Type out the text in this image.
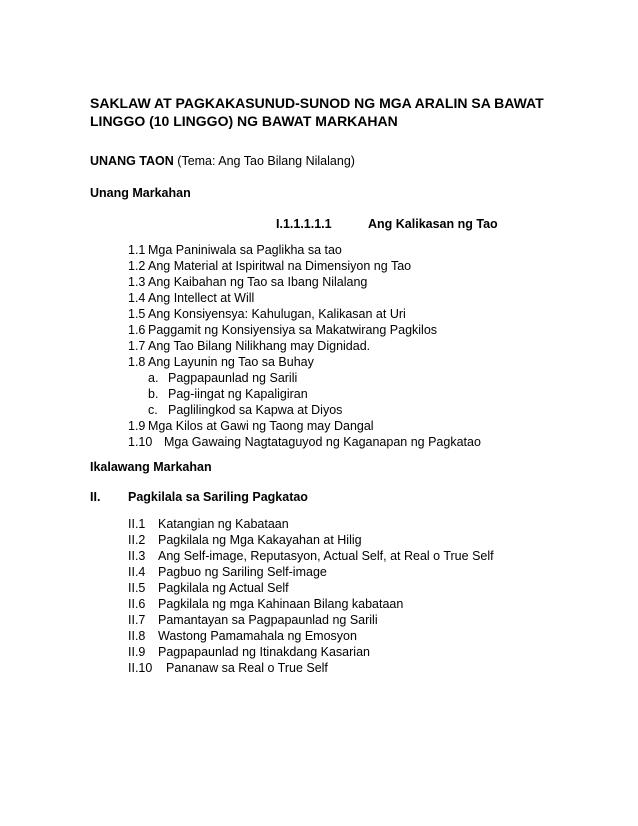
SAKLAW AT PAGKAKASUNUD-SUNOD NG MGA ARALIN SA BAWAT
LINGGO (10 LINGGO) NG BAWAT MARKAHAN
UNANG TAON (Tema: Ang Tao Bilang Nilalang)
Unang Markahan
I.1.1.1.1.1	Ang Kalikasan ng Tao
1.1 Mga Paniniwala sa Paglikha sa tao
1.2 Ang Material at Ispiritwal na Dimensiyon ng Tao
1.3 Ang Kaibahan ng Tao sa Ibang Nilalang
1.4 Ang Intellect at Will
1.5 Ang Konsiyensya: Kahulugan, Kalikasan at Uri
1.6 Paggamit ng Konsiyensiya sa Makatwirang Pagkilos
1.7 Ang Tao Bilang Nilikhang may Dignidad.
1.8 Ang Layunin ng Tao sa Buhay
a. Pagpapaunlad ng Sarili
b. Pag-iingat ng Kapaligiran
c. Paglilingkod sa Kapwa at Diyos
1.9 Mga Kilos at Gawi ng Taong may Dangal
1.10 Mga Gawaing Nagtataguyod ng Kaganapan ng Pagkatao
Ikalawang Markahan
II. Pagkilala sa Sariling Pagkatao
II.1 Katangian ng Kabataan
II.2 Pagkilala ng Mga Kakayahan at Hilig
II.3 Ang Self-image, Reputasyon, Actual Self, at Real o True Self
II.4 Pagbuo ng Sariling Self-image
II.5 Pagkilala ng Actual Self
II.6 Pagkilala ng mga Kahinaan Bilang kabataan
II.7 Pamantayan sa Pagpapaunlad ng Sarili
II.8 Wastong Pamamahala ng Emosyon
II.9 Pagpapaunlad ng Itinakdang Kasarian
II.10 Pananaw sa Real o True Self
